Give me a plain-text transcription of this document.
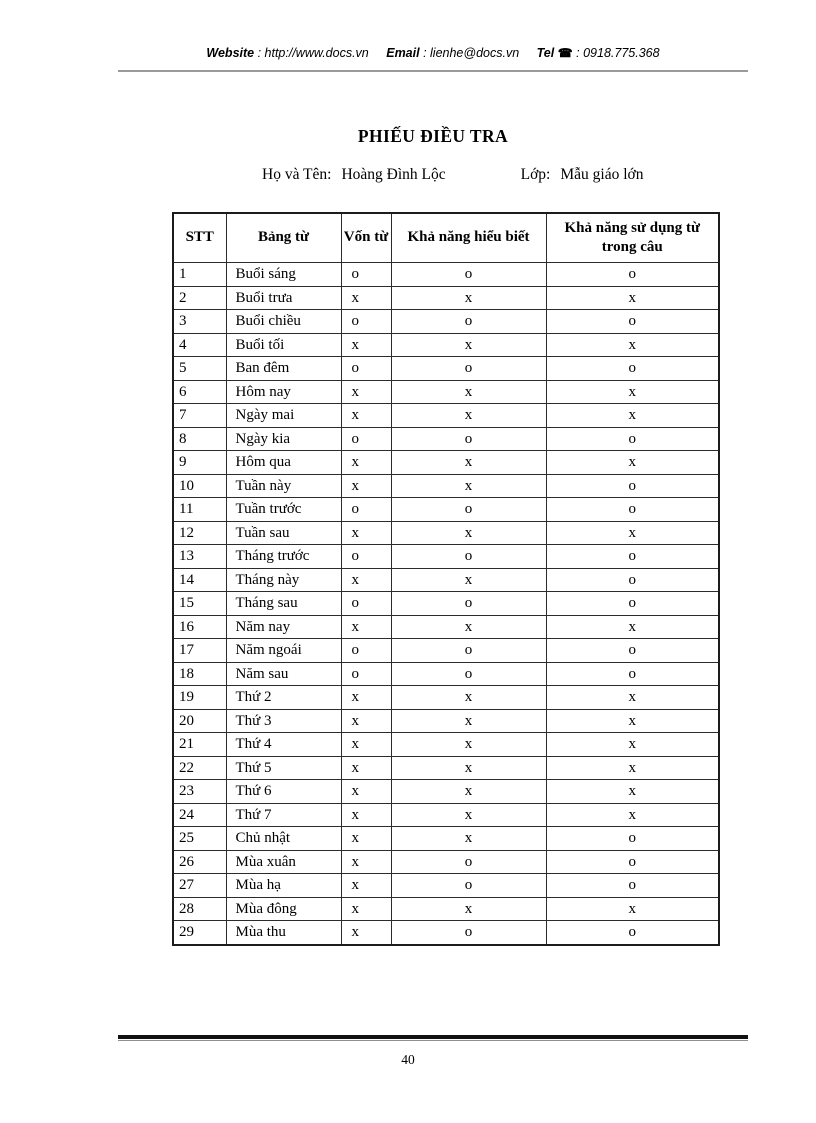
Website : http://www.docs.vn Email : lienhe@docs.vn Tel ☎ : 0918.775.368
PHIẾU ĐIỀU TRA
Họ và Tên: Hoàng Đình Lộc	Lớp: Mẫu giáo lớn
STT	Bảng từ	Vốn từ	Khả năng hiểu biết	Khả năng sử dụng từ trong câu
1	Buổi sáng	o	o	o
2	Buổi trưa	x	x	x
3	Buổi chiều	o	o	o
4	Buổi tối	x	x	x
5	Ban đêm	o	o	o
6	Hôm nay	x	x	x
7	Ngày mai	x	x	x
8	Ngày kia	o	o	o
9	Hôm qua	x	x	x
10	Tuần này	x	x	o
11	Tuần trước	o	o	o
12	Tuần sau	x	x	x
13	Tháng trước	o	o	o
14	Tháng này	x	x	o
15	Tháng sau	o	o	o
16	Năm nay	x	x	x
17	Năm ngoái	o	o	o
18	Năm sau	o	o	o
19	Thứ 2	x	x	x
20	Thứ 3	x	x	x
21	Thứ 4	x	x	x
22	Thứ 5	x	x	x
23	Thứ 6	x	x	x
24	Thứ 7	x	x	x
25	Chủ nhật	x	x	o
26	Mùa xuân	x	o	o
27	Mùa hạ	x	o	o
28	Mùa đông	x	x	x
29	Mùa thu	x	o	o
40
